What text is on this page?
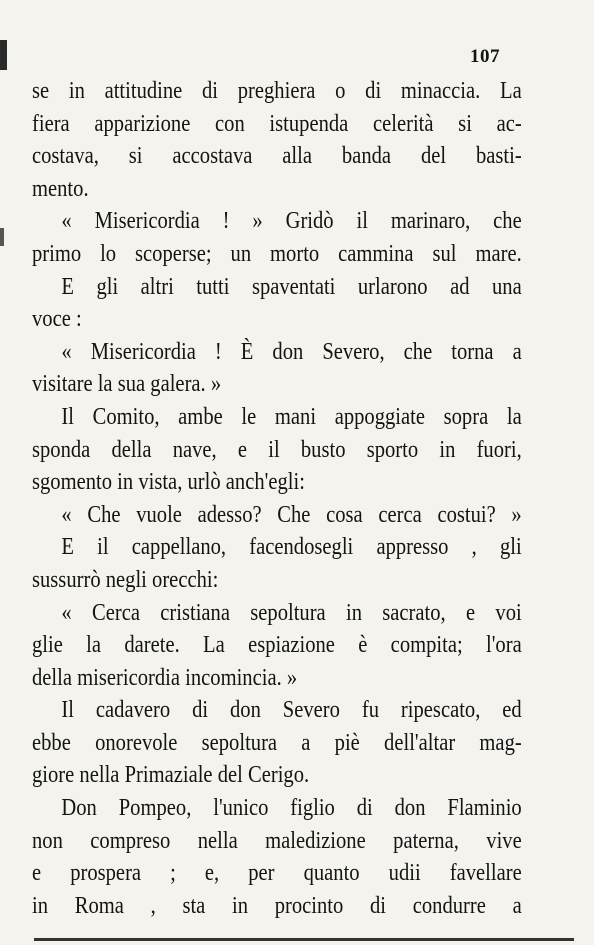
107
se in attitudine di preghiera o di minaccia. La
fiera apparizione con istupenda celerità si ac-
costava, si accostava alla banda del basti-
mento.
« Misericordia ! » Gridò il marinaro, che
primo lo scoperse; un morto cammina sul mare.
E gli altri tutti spaventati urlarono ad una
voce :
« Misericordia ! È don Severo, che torna a
visitare la sua galera. »
Il Comito, ambe le mani appoggiate sopra la
sponda della nave, e il busto sporto in fuori,
sgomento in vista, urlò anch'egli:
« Che vuole adesso? Che cosa cerca costui? »
E il cappellano, facendosegli appresso , gli
sussurrò negli orecchi:
« Cerca cristiana sepoltura in sacrato, e voi
glie la darete. La espiazione è compita; l'ora
della misericordia incomincia. »
Il cadavero di don Severo fu ripescato, ed
ebbe onorevole sepoltura a piè dell'altar mag-
giore nella Primaziale del Cerigo.
Don Pompeo, l'unico figlio di don Flaminio
non compreso nella maledizione paterna, vive
e prospera ; e, per quanto udii favellare
in Roma , sta in procinto di condurre a
